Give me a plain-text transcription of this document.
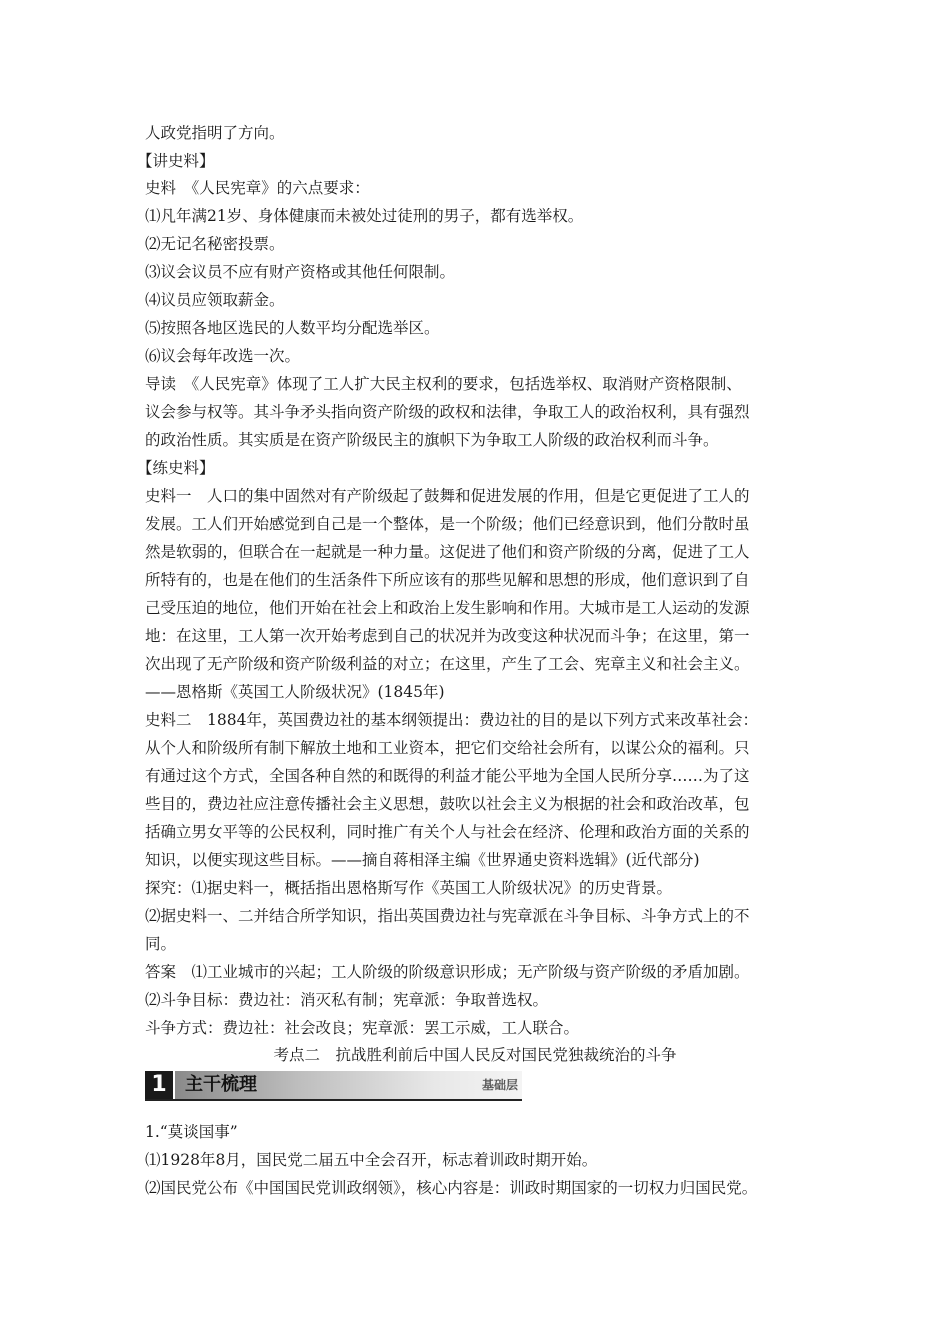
人政党指明了方向。
【讲史料】
史料　《人民宪章》的六点要求：
⑴凡年满21岁、身体健康而未被处过徒刑的男子，都有选举权。
⑵无记名秘密投票。
⑶议会议员不应有财产资格或其他任何限制。
⑷议员应领取薪金。
⑸按照各地区选民的人数平均分配选举区。
⑹议会每年改选一次。
导读　《人民宪章》体现了工人扩大民主权利的要求，包括选举权、取消财产资格限制、
议会参与权等。其斗争矛头指向资产阶级的政权和法律，争取工人的政治权利，具有强烈
的政治性质。其实质是在资产阶级民主的旗帜下为争取工人阶级的政治权利而斗争。
【练史料】
史料一　人口的集中固然对有产阶级起了鼓舞和促进发展的作用，但是它更促进了工人的
发展。工人们开始感觉到自己是一个整体，是一个阶级；他们已经意识到，他们分散时虽
然是软弱的，但联合在一起就是一种力量。这促进了他们和资产阶级的分离，促进了工人
所特有的，也是在他们的生活条件下所应该有的那些见解和思想的形成，他们意识到了自
己受压迫的地位，他们开始在社会上和政治上发生影响和作用。大城市是工人运动的发源
地：在这里，工人第一次开始考虑到自己的状况并为改变这种状况而斗争；在这里，第一
次出现了无产阶级和资产阶级利益的对立；在这里，产生了工会、宪章主义和社会主义。
——恩格斯《英国工人阶级状况》(1845年)
史料二　1884年，英国费边社的基本纲领提出：费边社的目的是以下列方式来改革社会：
从个人和阶级所有制下解放土地和工业资本，把它们交给社会所有，以谋公众的福利。只
有通过这个方式，全国各种自然的和既得的利益才能公平地为全国人民所分享……为了这
些目的，费边社应注意传播社会主义思想，鼓吹以社会主义为根据的社会和政治改革，包
括确立男女平等的公民权利，同时推广有关个人与社会在经济、伦理和政治方面的关系的
知识，以便实现这些目标。——摘自蒋相泽主编《世界通史资料选辑》(近代部分)
探究：⑴据史料一，概括指出恩格斯写作《英国工人阶级状况》的历史背景。
⑵据史料一、二并结合所学知识，指出英国费边社与宪章派在斗争目标、斗争方式上的不
同。
答案　⑴工业城市的兴起；工人阶级的阶级意识形成；无产阶级与资产阶级的矛盾加剧。
⑵斗争目标：费边社：消灭私有制；宪章派：争取普选权。
斗争方式：费边社：社会改良；宪章派：罢工示威，工人联合。
考点二　抗战胜利前后中国人民反对国民党独裁统治的斗争
1	主干梳理	基础层
1.“莫谈国事”
⑴1928年8月，国民党二届五中全会召开，标志着训政时期开始。
⑵国民党公布《中国国民党训政纲领》，核心内容是：训政时期国家的一切权力归国民党。
